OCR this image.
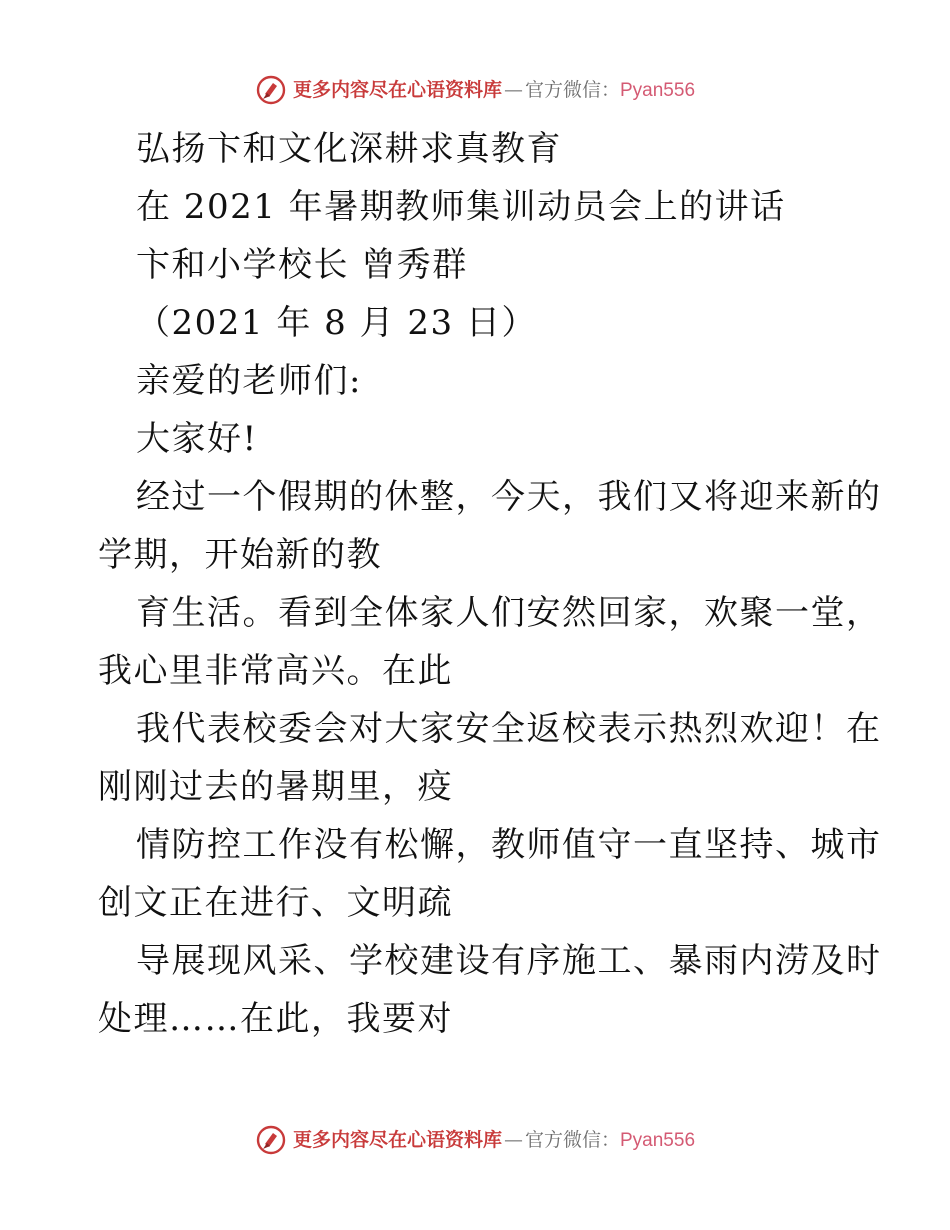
更多内容尽在心语资料库 — 官方微信： Pyan556
弘扬卞和文化深耕求真教育
在 2021 年暑期教师集训动员会上的讲话
卞和小学校长 曾秀群
（2021 年 8 月 23 日）
亲爱的老师们:
大家好!
经过一个假期的休整，今天，我们又将迎来新的
学期，开始新的教
育生活。看到全体家人们安然回家，欢聚一堂，
我心里非常高兴。在此
我代表校委会对大家安全返校表示热烈欢迎！在
刚刚过去的暑期里，疫
情防控工作没有松懈，教师值守一直坚持、城市
创文正在进行、文明疏
导展现风采、学校建设有序施工、暴雨内涝及时
处理……在此，我要对
更多内容尽在心语资料库 — 官方微信： Pyan556
